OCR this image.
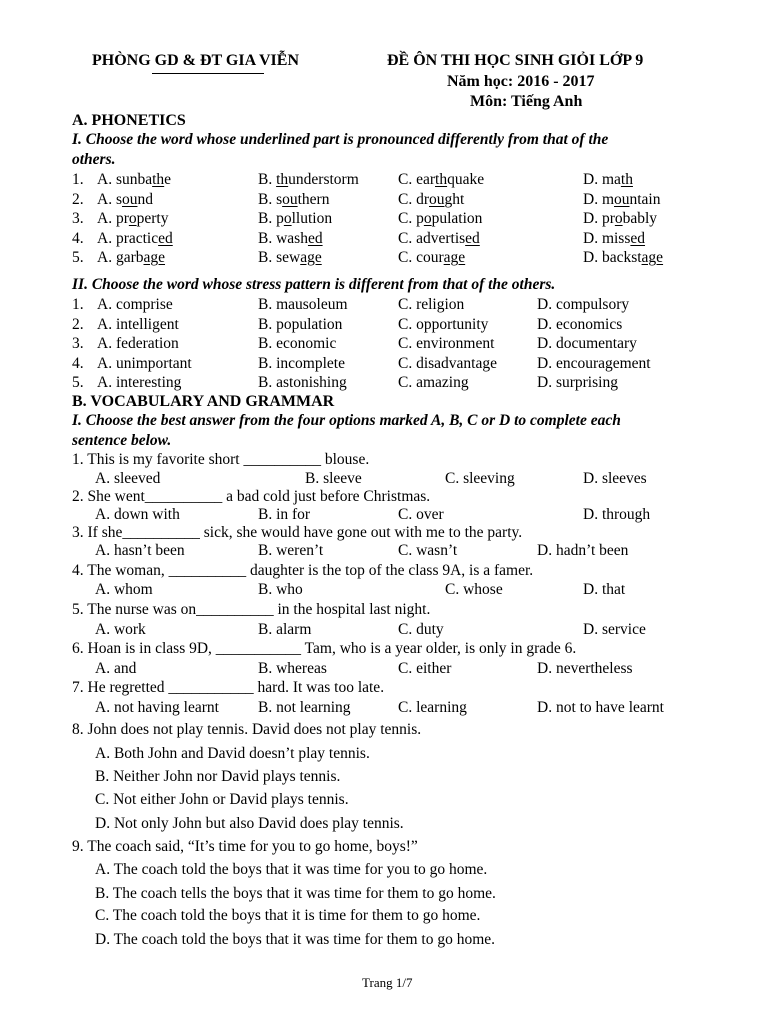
PHÒNG GD & ĐT GIA VIỄN	ĐỀ ÔN THI HỌC SINH GIỎI LỚP 9
Năm học: 2016 - 2017
Môn: Tiếng Anh
A. PHONETICS
I. Choose the word whose underlined part is pronounced differently from that of the
others.
1. A. sunbathe	B. thunderstorm	C. earthquake	D. math
2. A. sound	B. southern	C. drought	D. mountain
3. A. property	B. pollution	C. population	D. probably
4. A. practiced	B. washed	C. advertised	D. missed
5. A. garbage	B. sewage	C. courage	D. backstage
II. Choose the word whose stress pattern is different from that of the others.
1. A. comprise	B. mausoleum	C. religion	D. compulsory
2. A. intelligent	B. population	C. opportunity	D. economics
3. A. federation	B. economic	C. environment	D. documentary
4. A. unimportant	B. incomplete	C. disadvantage	D. encouragement
5. A. interesting	B. astonishing	C. amazing	D. surprising
B. VOCABULARY AND GRAMMAR
I. Choose the best answer from the four options marked A, B, C or D to complete each
sentence below.
1. This is my favorite short __________ blouse.
A. sleeved	B. sleeve	C. sleeving	D. sleeves
2. She went__________ a bad cold just before Christmas.
A. down with	B. in for	C. over	D. through
3. If she__________ sick, she would have gone out with me to the party.
A. hasn’t been	B. weren’t	C. wasn’t	D. hadn’t been
4. The woman, __________ daughter is the top of the class 9A, is a famer.
A. whom	B. who	C. whose	D. that
5. The nurse was on__________ in the hospital last night.
A. work	B. alarm	C. duty	D. service
6. Hoan is in class 9D, ___________ Tam, who is a year older, is only in grade 6.
A. and	B. whereas	C. either	D. nevertheless
7. He regretted ___________ hard. It was too late.
A. not having learnt	B. not learning	C. learning	D. not to have learnt
8. John does not play tennis. David does not play tennis.
A. Both John and David doesn’t play tennis.
B. Neither John nor David plays tennis.
C. Not either John or David plays tennis.
D. Not only John but also David does play tennis.
9. The coach said, “It’s time for you to go home, boys!”
A. The coach told the boys that it was time for you to go home.
B. The coach tells the boys that it was time for them to go home.
C. The coach told the boys that it is time for them to go home.
D. The coach told the boys that it was time for them to go home.
Trang 1/7
